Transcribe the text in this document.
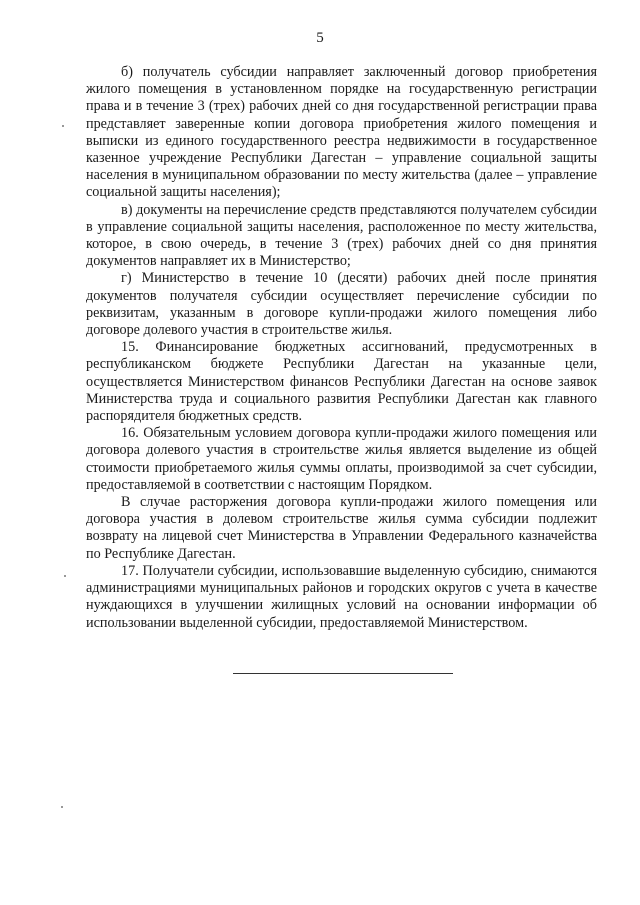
5

б) получатель субсидии направляет заключенный договор приобретения жилого помещения в установленном порядке на государственную регистрации права и в течение 3 (трех) рабочих дней со дня государственной регистрации права представляет заверенные копии договора приобретения жилого помещения и выписки из единого государственного реестра недвижимости в государственное казенное учреждение Республики Дагестан – управление социальной защиты населения в муниципальном образовании по месту жительства (далее – управление социальной защиты населения);

в) документы на перечисление средств представляются получателем субсидии в управление социальной защиты населения, расположенное по месту жительства, которое, в свою очередь, в течение 3 (трех) рабочих дней со дня принятия документов направляет их в Министерство;

г) Министерство в течение 10 (десяти) рабочих дней после принятия документов получателя субсидии осуществляет перечисление субсидии по реквизитам, указанным в договоре купли-продажи жилого помещения либо договоре долевого участия в строительстве жилья.

15. Финансирование бюджетных ассигнований, предусмотренных в республиканском бюджете Республики Дагестан на указанные цели, осуществляется Министерством финансов Республики Дагестан на основе заявок Министерства труда и социального развития Республики Дагестан как главного распорядителя бюджетных средств.

16. Обязательным условием договора купли-продажи жилого помещения или договора долевого участия в строительстве жилья является выделение из общей стоимости приобретаемого жилья суммы оплаты, производимой за счет субсидии, предоставляемой в соответствии с настоящим Порядком.

В случае расторжения договора купли-продажи жилого помещения или договора участия в долевом строительстве жилья сумма субсидии подлежит возврату на лицевой счет Министерства в Управлении Федерального казначейства по Республике Дагестан.

17. Получатели субсидии, использовавшие выделенную субсидию, снимаются администрациями муниципальных районов и городских округов с учета в качестве нуждающихся в улучшении жилищных условий на основании информации об использовании выделенной субсидии, предоставляемой Министерством.
